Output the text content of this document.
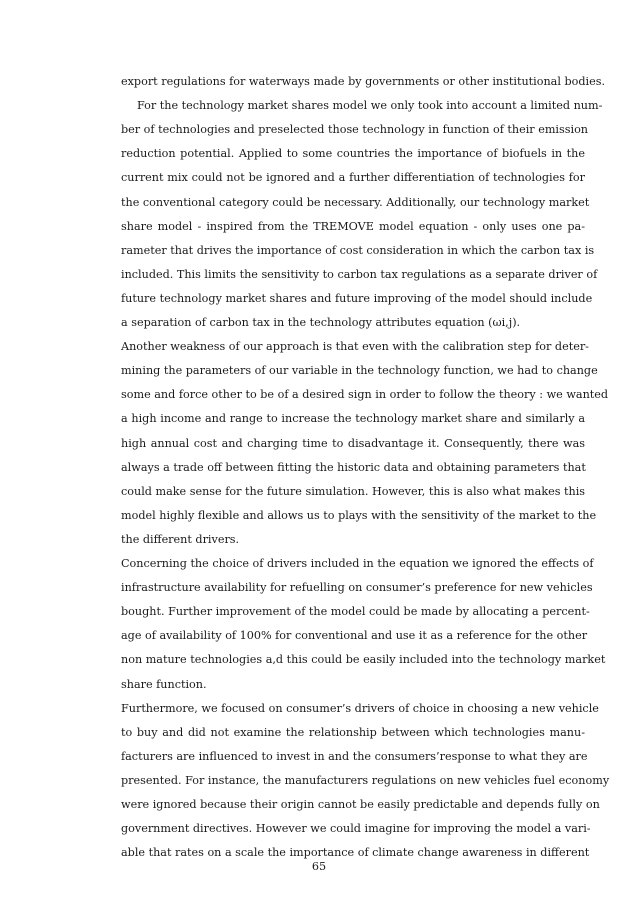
export regulations for waterways made by governments or other institutional bodies.
For the technology market shares model we only took into account a limited num-
ber of technologies and preselected those technology in function of their emission
reduction potential. Applied to some countries the importance of biofuels in the
current mix could not be ignored and a further differentiation of technologies for
the conventional category could be necessary. Additionally, our technology market
share model - inspired from the TREMOVE model equation - only uses one pa-
rameter that drives the importance of cost consideration in which the carbon tax is
included. This limits the sensitivity to carbon tax regulations as a separate driver of
future technology market shares and future improving of the model should include
a separation of carbon tax in the technology attributes equation (ωi,j).
Another weakness of our approach is that even with the calibration step for deter-
mining the parameters of our variable in the technology function, we had to change
some and force other to be of a desired sign in order to follow the theory : we wanted
a high income and range to increase the technology market share and similarly a
high annual cost and charging time to disadvantage it. Consequently, there was
always a trade off between fitting the historic data and obtaining parameters that
could make sense for the future simulation. However, this is also what makes this
model highly flexible and allows us to plays with the sensitivity of the market to the
the different drivers.
Concerning the choice of drivers included in the equation we ignored the effects of
infrastructure availability for refuelling on consumer’s preference for new vehicles
bought. Further improvement of the model could be made by allocating a percent-
age of availability of 100% for conventional and use it as a reference for the other
non mature technologies a,d this could be easily included into the technology market
share function.
Furthermore, we focused on consumer’s drivers of choice in choosing a new vehicle
to buy and did not examine the relationship between which technologies manu-
facturers are influenced to invest in and the consumers’response to what they are
presented. For instance, the manufacturers regulations on new vehicles fuel economy
were ignored because their origin cannot be easily predictable and depends fully on
government directives. However we could imagine for improving the model a vari-
able that rates on a scale the importance of climate change awareness in different
65
